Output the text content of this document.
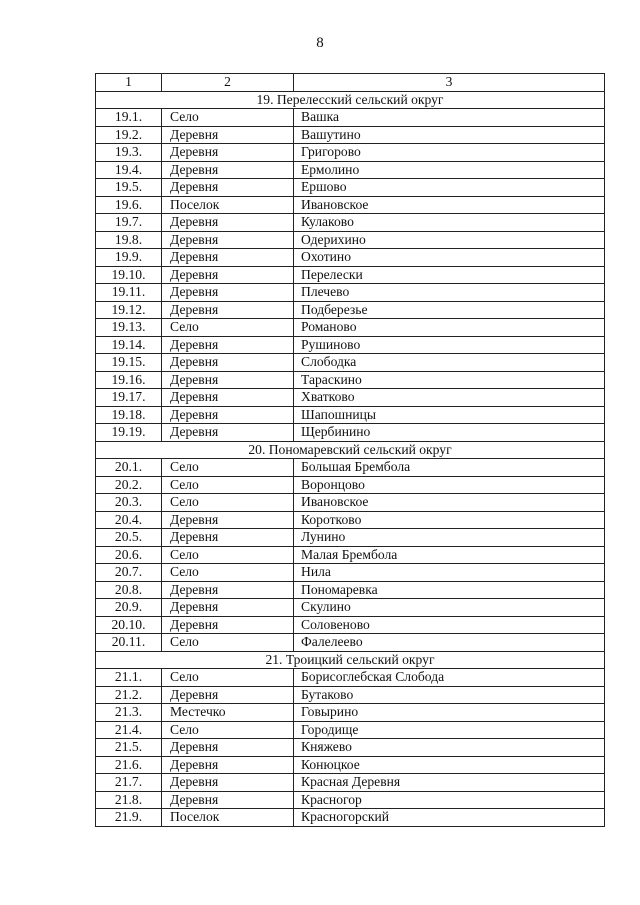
8
1	2	3
19. Перелесский сельский округ		
19.1.	Село	Вашка
19.2.	Деревня	Вашутино
19.3.	Деревня	Григорово
19.4.	Деревня	Ермолино
19.5.	Деревня	Ершово
19.6.	Поселок	Ивановское
19.7.	Деревня	Кулаково
19.8.	Деревня	Одерихино
19.9.	Деревня	Охотино
19.10.	Деревня	Перелески
19.11.	Деревня	Плечево
19.12.	Деревня	Подберезье
19.13.	Село	Романово
19.14.	Деревня	Рушиново
19.15.	Деревня	Слободка
19.16.	Деревня	Тараскино
19.17.	Деревня	Хватково
19.18.	Деревня	Шапошницы
19.19.	Деревня	Щербинино
20. Пономаревский сельский округ		
20.1.	Село	Большая Брембола
20.2.	Село	Воронцово
20.3.	Село	Ивановское
20.4.	Деревня	Коротково
20.5.	Деревня	Лунино
20.6.	Село	Малая Брембола
20.7.	Село	Нила
20.8.	Деревня	Пономаревка
20.9.	Деревня	Скулино
20.10.	Деревня	Соловеново
20.11.	Село	Фалелеево
21. Троицкий сельский округ		
21.1.	Село	Борисоглебская Слобода
21.2.	Деревня	Бутаково
21.3.	Местечко	Говырино
21.4.	Село	Городище
21.5.	Деревня	Княжево
21.6.	Деревня	Конюцкое
21.7.	Деревня	Красная Деревня
21.8.	Деревня	Красногор
21.9.	Поселок	Красногорский
